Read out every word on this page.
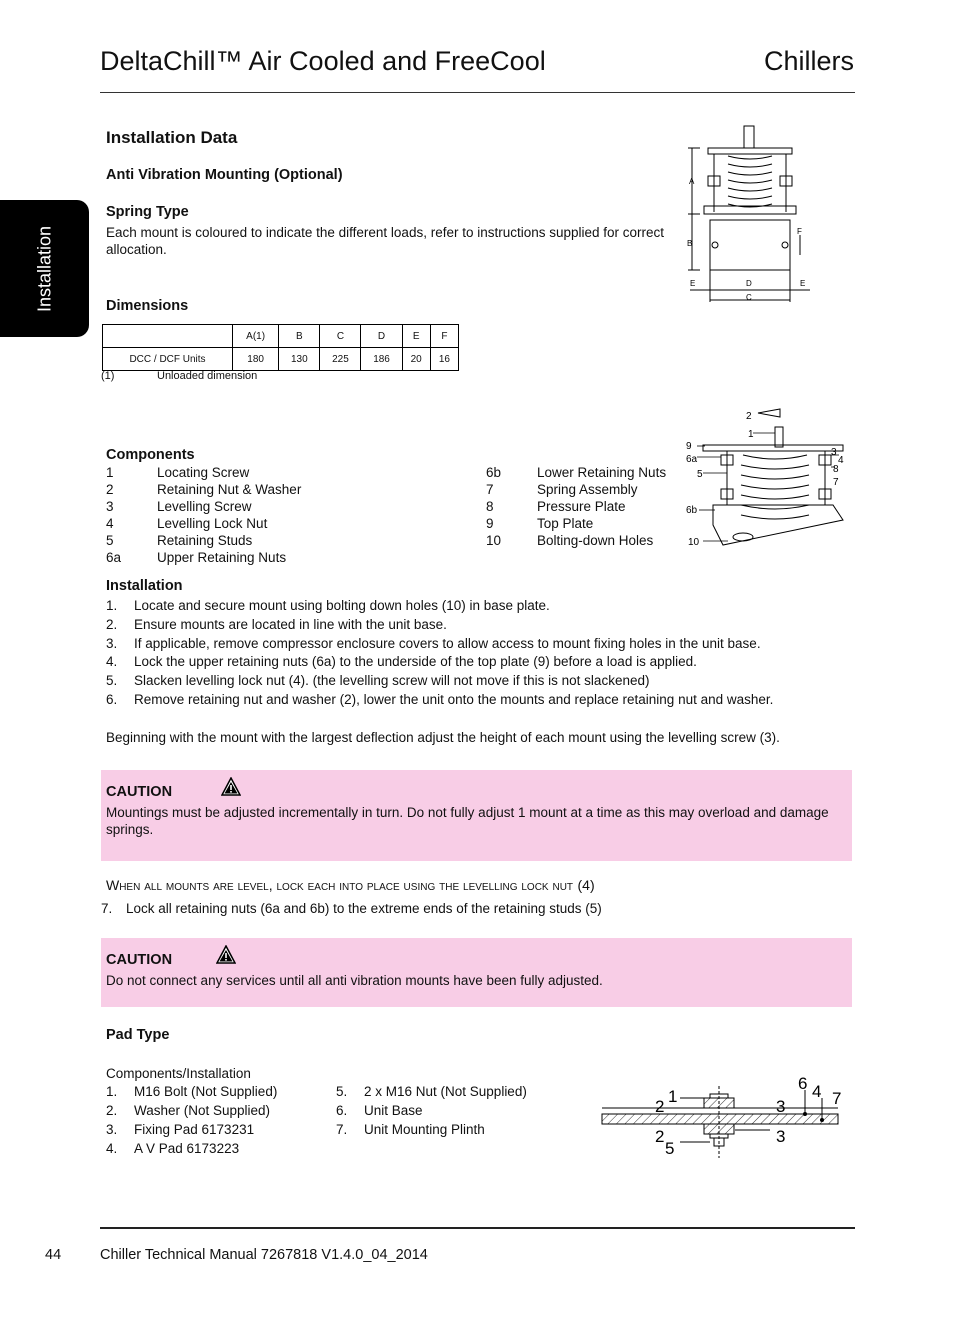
DeltaChill™ Air Cooled and FreeCool	Chillers
Installation
Installation Data
Anti Vibration Mounting (Optional)
Spring Type
Each mount is coloured to indicate the different loads, refer to instructions supplied for correct allocation.
Dimensions
	A(1)	B	C	D	E	F
DCC / DCF Units	180	130	225	186	20	16
(1)	Unloaded dimension
A
B
D
C
E	E
F
Components
1	Locating Screw
2	Retaining Nut & Washer
3	Levelling Screw
4	Levelling Lock Nut
5	Retaining Studs
6a	Upper Retaining Nuts
6b	Lower Retaining Nuts
7	Spring Assembly
8	Pressure Plate
9	Top Plate
10	Bolting-down Holes
2
1
9
6a
5
6b
10
3
4
8
7
Installation
1. Locate and secure mount using bolting down holes (10) in base plate.
2. Ensure mounts are located in line with the unit base.
3. If applicable, remove compressor enclosure covers to allow access to mount fixing holes in the unit base.
4. Lock the upper retaining nuts (6a) to the underside of the top plate (9) before a load is applied.
5. Slacken levelling lock nut (4). (the levelling screw will not move if this is not slackened)
6. Remove retaining nut and washer (2), lower the unit onto the mounts and replace retaining nut and washer.
Beginning with the mount with the largest deflection adjust the height of each mount using the levelling screw (3).
CAUTION
Mountings must be adjusted incrementally in turn. Do not fully adjust 1 mount at a time as this may overload and damage springs.
When all mounts are level, lock each into place using the levelling lock nut (4)
7. Lock all retaining nuts (6a and 6b) to the extreme ends of the retaining studs (5)
CAUTION
Do not connect any services until all anti vibration mounts have been fully adjusted.
Pad Type
Components/Installation
1. M16 Bolt (Not Supplied)
2. Washer (Not Supplied)
3. Fixing Pad 6173231
4. A V Pad 6173223
5. 2 x M16 Nut (Not Supplied)
6. Unit Base
7. Unit Mounting Plinth
1
2	3
2
5
3
6 4 7
44	Chiller Technical Manual 7267818 V1.4.0_04_2014
